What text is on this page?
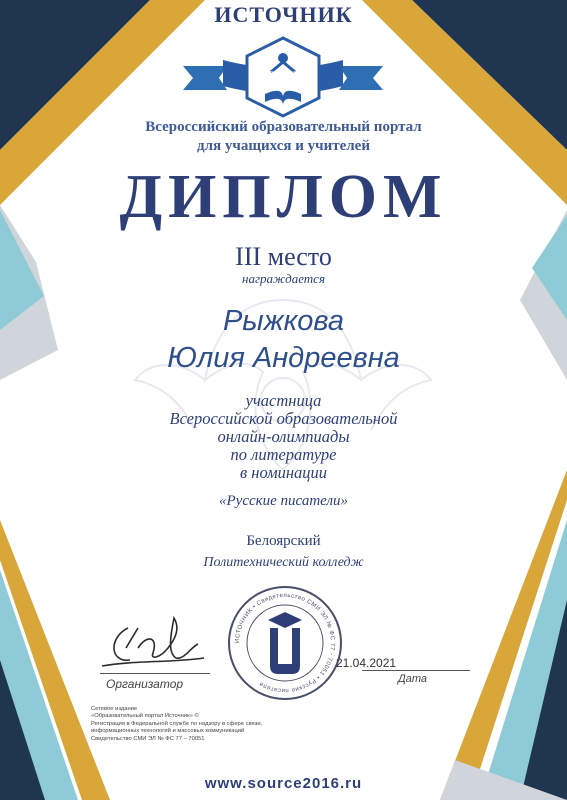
ИСТОЧНИК

ИСТОЧНИК
Всероссийский образовательный портал
для учащихся и учителей

ДИПЛОМ

III место

награждается

Рыжкова

Юлия Андреевна

участница
Всероссийской образовательной
онлайн-олимпиады
по литературе
в номинации

«Русские писатели»

Белоярский

Политехнический колледж

Организатор
ИСТОЧНИК • Свидетельство СМИ ЭЛ № ФС 77 - 70051 • Русские писатели
21.04.2021
Дата
Сетевое издание
«Образовательный портал Источник» ©
Регистрация в Федеральной службе по надзору в сфере связи,
информационных технологий и массовых коммуникаций
Свидетельство СМИ ЭЛ № ФС 77 – 70051
www.source2016.ru
